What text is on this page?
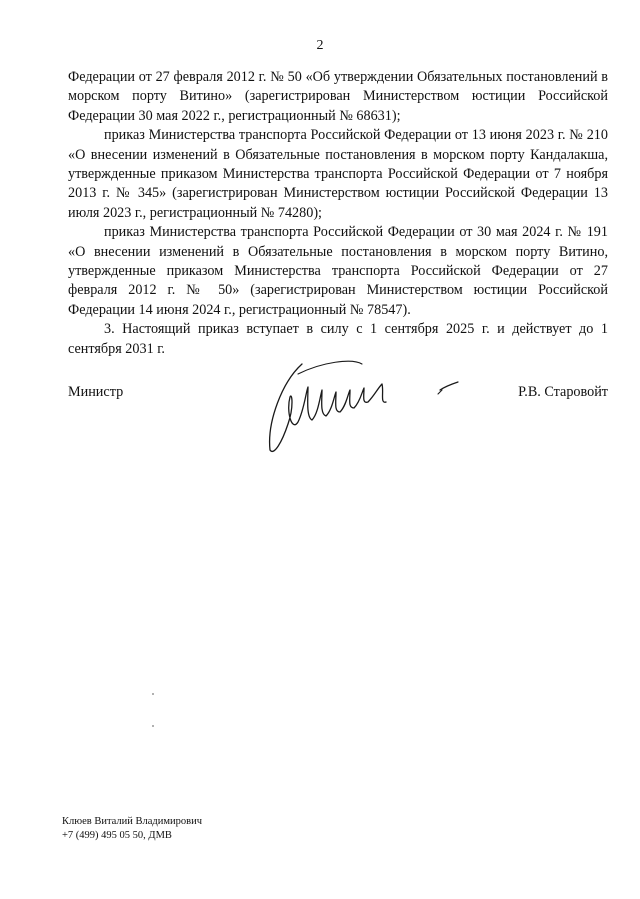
2

Федерации от 27 февраля 2012 г. № 50 «Об утверждении Обязательных постановлений в морском порту Витино» (зарегистрирован Министерством юстиции Российской Федерации 30 мая 2022 г., регистрационный № 68631);

приказ Министерства транспорта Российской Федерации от 13 июня 2023 г. № 210 «О внесении изменений в Обязательные постановления в морском порту Кандалакша, утвержденные приказом Министерства транспорта Российской Федерации от 7 ноября 2013 г. № 345» (зарегистрирован Министерством юстиции Российской Федерации 13 июля 2023 г., регистрационный № 74280);

приказ Министерства транспорта Российской Федерации от 30 мая 2024 г. № 191 «О внесении изменений в Обязательные постановления в морском порту Витино, утвержденные приказом Министерства транспорта Российской Федерации от 27 февраля 2012 г. № 50» (зарегистрирован Министерством юстиции Российской Федерации 14 июня 2024 г., регистрационный № 78547).

3. Настоящий приказ вступает в силу с 1 сентября 2025 г. и действует до 1 сентября 2031 г.

Министр	Р.В. Старовойт
Клюев Виталий Владимирович
+7 (499) 495 05 50, ДМВ
